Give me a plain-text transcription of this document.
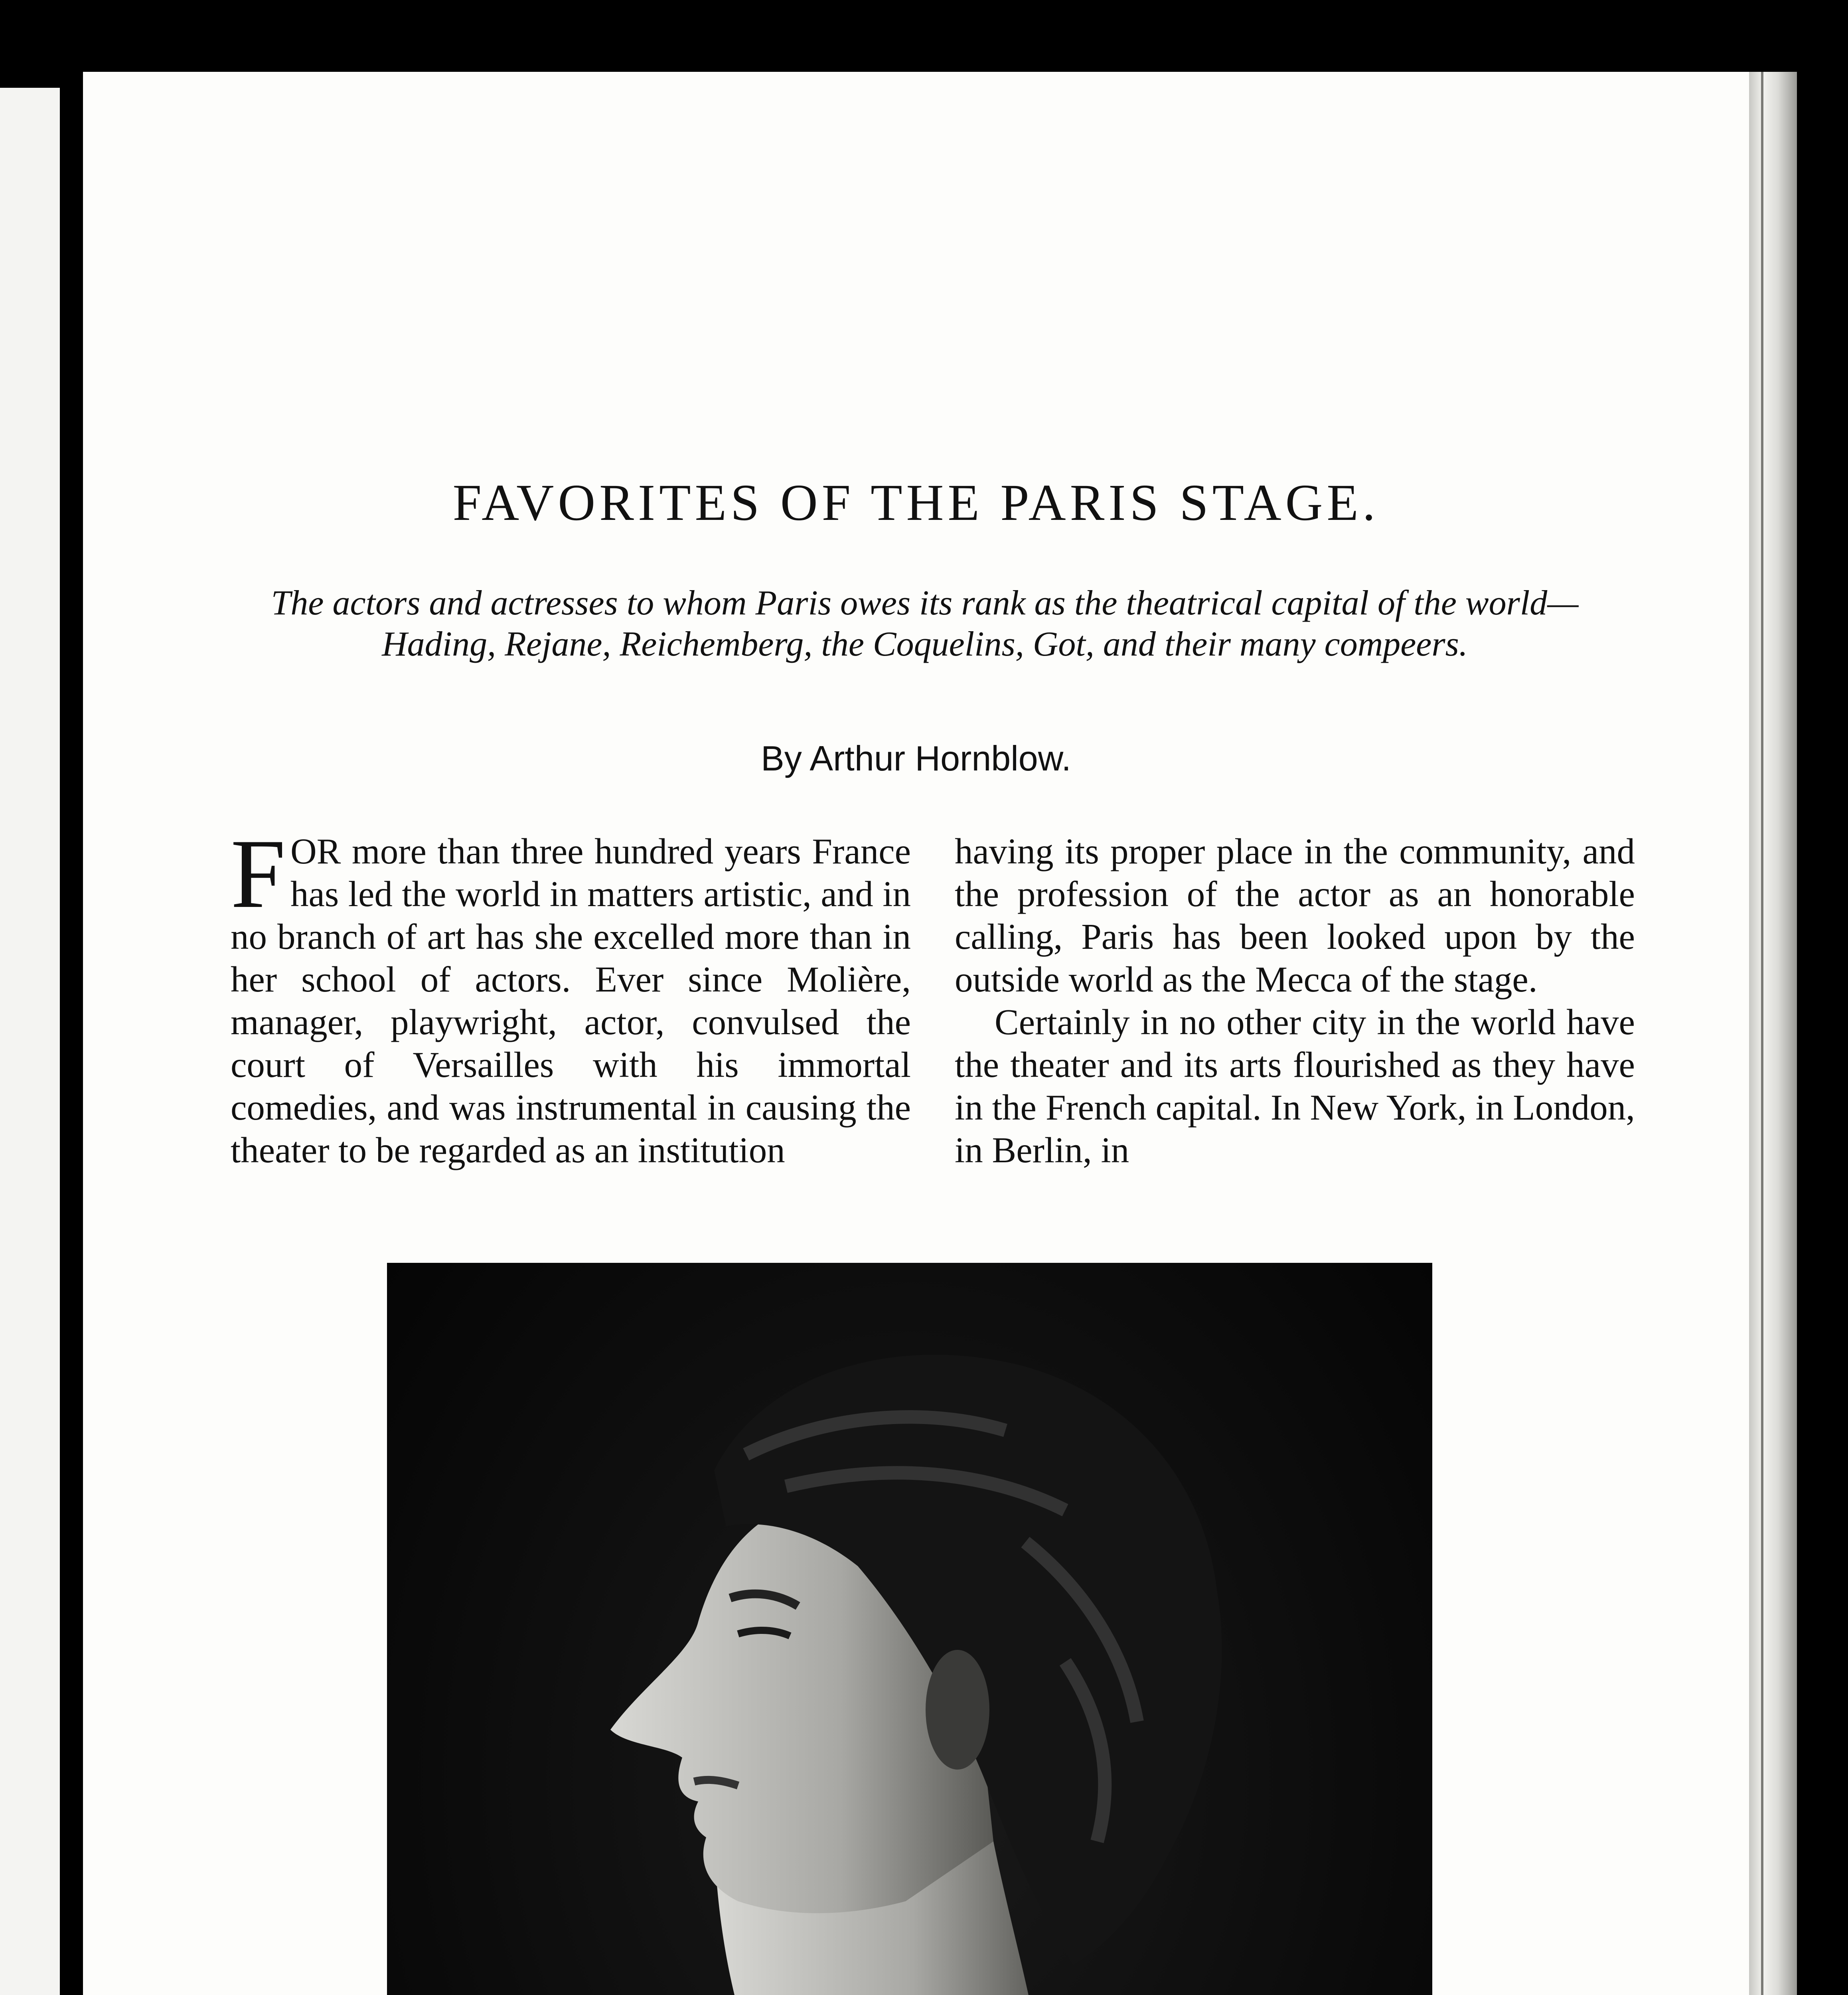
FAVORITES OF THE PARIS STAGE.
The actors and actresses to whom Paris owes its rank as the theatrical capital of the world—Hading, Rejane, Reichemberg, the Coquelins, Got, and their many compeers.
By Arthur Hornblow.

FOR more than three hundred years France has led the world in matters artistic, and in no branch of art has she excelled more than in her school of actors. Ever since Molière, manager, playwright, actor, convulsed the court of Versailles with his immortal comedies, and was instrumental in causing the theater to be regarded as an institution

having its proper place in the community, and the profession of the actor as an honorable calling, Paris has been looked upon by the outside world as the Mecca of the stage.

Certainly in no other city in the world have the theater and its arts flourished as they have in the French capital. In New York, in London, in Berlin, in
